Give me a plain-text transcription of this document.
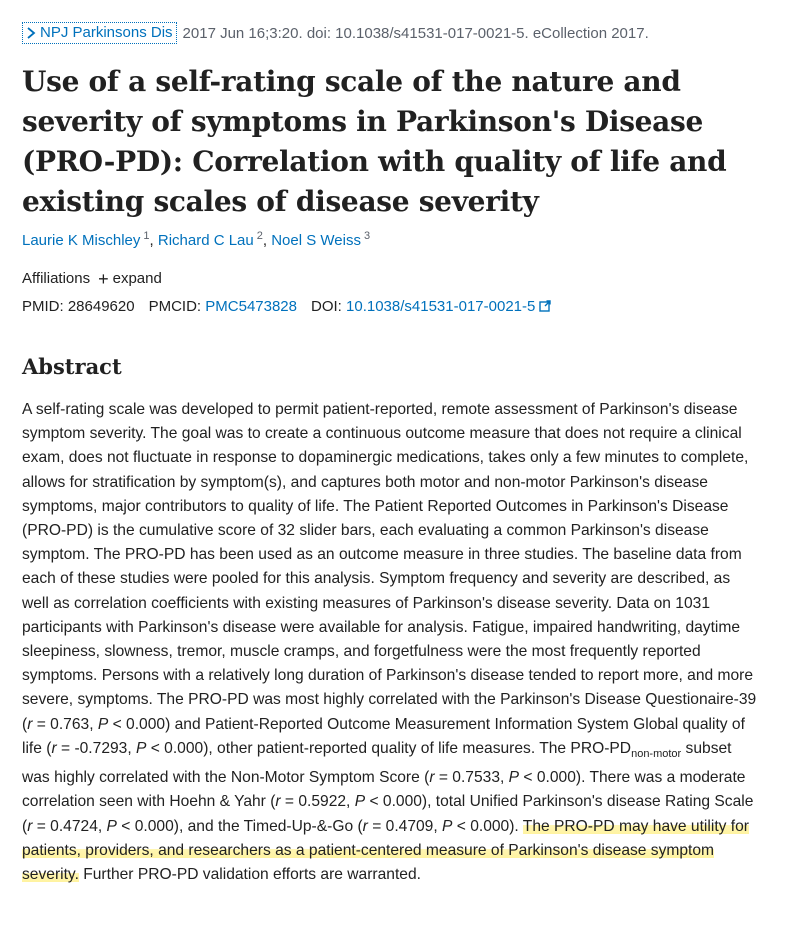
NPJ Parkinsons Dis 2017 Jun 16;3:20. doi: 10.1038/s41531-017-0021-5. eCollection 2017.
Use of a self-rating scale of the nature and severity of symptoms in Parkinson's Disease (PRO-PD): Correlation with quality of life and existing scales of disease severity
Laurie K Mischley $^1$, Richard C Lau $^2$, Noel S Weiss $^3$
Affiliations + expand
PMID: 28649620 PMCID: PMC5473828 DOI: 10.1038/s41531-017-0021-5
Abstract

A self-rating scale was developed to permit patient-reported, remote assessment of Parkinson's disease symptom severity. The goal was to create a continuous outcome measure that does not require a clinical exam, does not fluctuate in response to dopaminergic medications, takes only a few minutes to complete, allows for stratification by symptom(s), and captures both motor and non-motor Parkinson's disease symptoms, major contributors to quality of life. The Patient Reported Outcomes in Parkinson's Disease (PRO-PD) is the cumulative score of 32 slider bars, each evaluating a common Parkinson's disease symptom. The PRO-PD has been used as an outcome measure in three studies. The baseline data from each of these studies were pooled for this analysis. Symptom frequency and severity are described, as well as correlation coefficients with existing measures of Parkinson's disease severity. Data on 1031 participants with Parkinson's disease were available for analysis. Fatigue, impaired handwriting, daytime sleepiness, slowness, tremor, muscle cramps, and forgetfulness were the most frequently reported symptoms. Persons with a relatively long duration of Parkinson's disease tended to report more, and more severe, symptoms. The PRO-PD was most highly correlated with the Parkinson's Disease Questionaire-39 (r = 0.763, P < 0.000) and Patient-Reported Outcome Measurement Information System Global quality of life (r = -0.7293, P < 0.000), other patient-reported quality of life measures. The PRO-$PD_{non-motor}$ subset was highly correlated with the Non-Motor Symptom Score (r = 0.7533, P < 0.000). There was a moderate correlation seen with Hoehn & Yahr (r = 0.5922, P < 0.000), total Unified Parkinson's disease Rating Scale (r = 0.4724, P < 0.000), and the Timed-Up-&-Go (r = 0.4709, P < 0.000). The PRO-PD may have utility for patients, providers, and researchers as a patient-centered measure of Parkinson's disease symptom severity. Further PRO-PD validation efforts are warranted.
